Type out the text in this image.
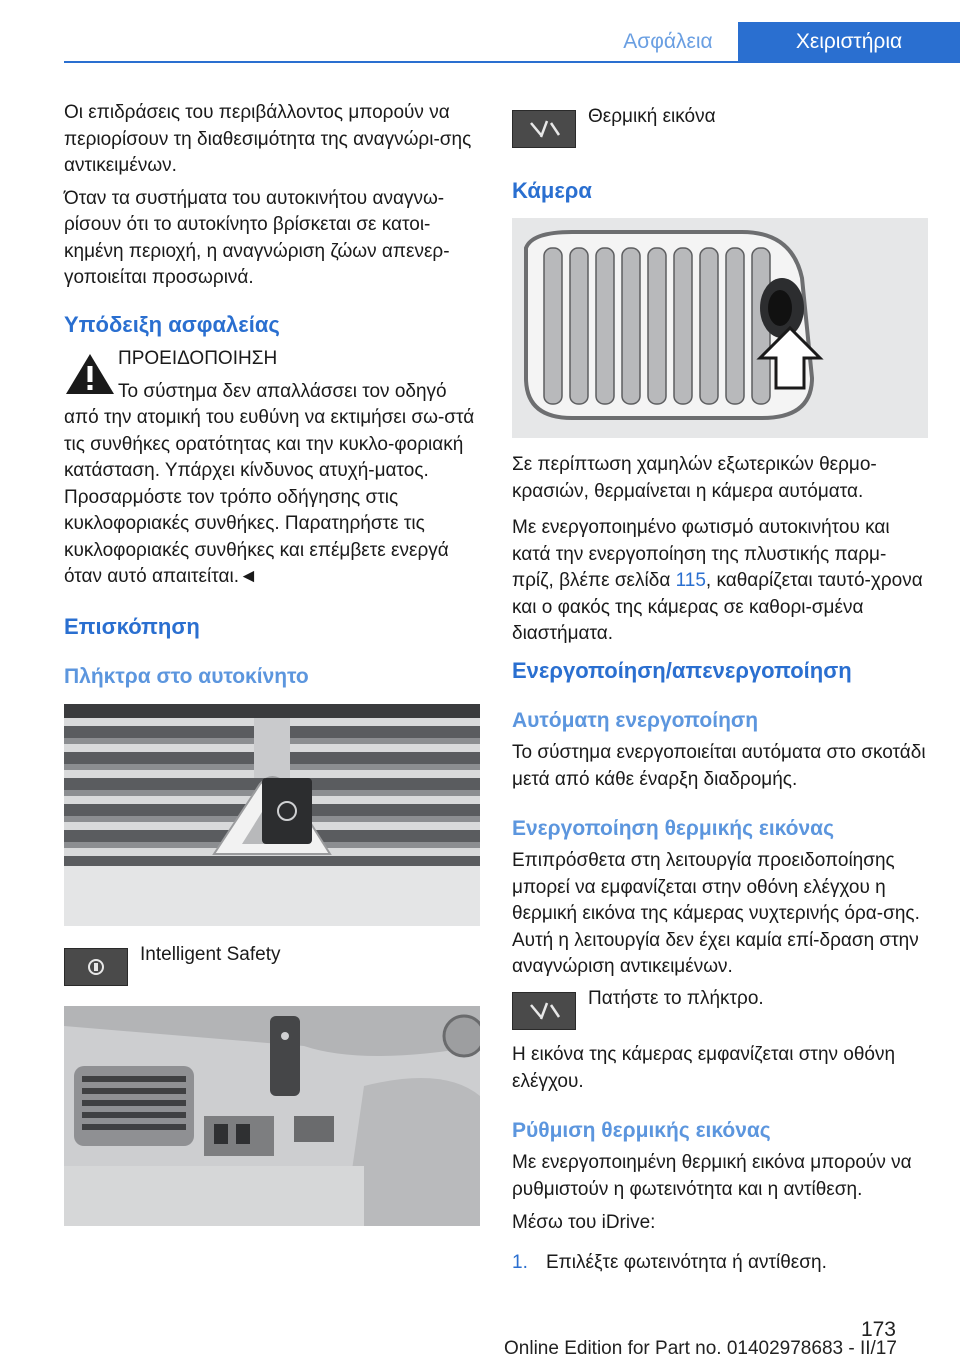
Ασφάλεια	Χειριστήρια

Οι επιδράσεις του περιβάλλοντος μπορούν να περιορίσουν τη διαθεσιμότητα της αναγνώρι-σης αντικειμένων.

Όταν τα συστήματα του αυτοκινήτου αναγνω-ρίσουν ότι το αυτοκίνητο βρίσκεται σε κατοι-κημένη περιοχή, η αναγνώριση ζώων απενερ-γοποιείται προσωρινά.

Υπόδειξη ασφαλείας

ΠΡΟΕΙΔΟΠΟΙΗΣΗ

Το σύστημα δεν απαλλάσσει τον οδηγό από την ατομική του ευθύνη να εκτιμήσει σω-στά τις συνθήκες ορατότητας και την κυκλο-φοριακή κατάσταση. Υπάρχει κίνδυνος ατυχή-ματος. Προσαρμόστε τον τρόπο οδήγησης στις κυκλοφοριακές συνθήκες. Παρατηρήστε τις κυκλοφοριακές συνθήκες και επέμβετε ενεργά όταν αυτό απαιτείται.◄

Επισκόπηση
Πλήκτρα στο αυτοκίνητο
Intelligent Safety
Θερμική εικόνα
Κάμερα

Σε περίπτωση χαμηλών εξωτερικών θερμο-κρασιών, θερμαίνεται η κάμερα αυτόματα.

Με ενεργοποιημένο φωτισμό αυτοκινήτου και κατά την ενεργοποίηση της πλυστικής παρμ-πρίζ, βλέπε σελίδα 115, καθαρίζεται ταυτό-χρονα και ο φακός της κάμερας σε καθορι-σμένα διαστήματα.

Ενεργοποίηση/απενεργοποίηση
Αυτόματη ενεργοποίηση
Το σύστημα ενεργοποιείται αυτόματα στο σκοτάδι μετά από κάθε έναρξη διαδρομής.
Ενεργοποίηση θερμικής εικόνας
Επιπρόσθετα στη λειτουργία προειδοποίησης μπορεί να εμφανίζεται στην οθόνη ελέγχου η θερμική εικόνα της κάμερας νυχτερινής όρα-σης. Αυτή η λειτουργία δεν έχει καμία επί-δραση στην αναγνώριση αντικειμένων.
Πατήστε το πλήκτρο.
Η εικόνα της κάμερας εμφανίζεται στην οθόνη ελέγχου.
Ρύθμιση θερμικής εικόνας
Με ενεργοποιημένη θερμική εικόνα μπορούν να ρυθμιστούν η φωτεινότητα και η αντίθεση.
Μέσω του iDrive:
1. Επιλέξτε φωτεινότητα ή αντίθεση.
173
Online Edition for Part no. 01402978683 - II/17
